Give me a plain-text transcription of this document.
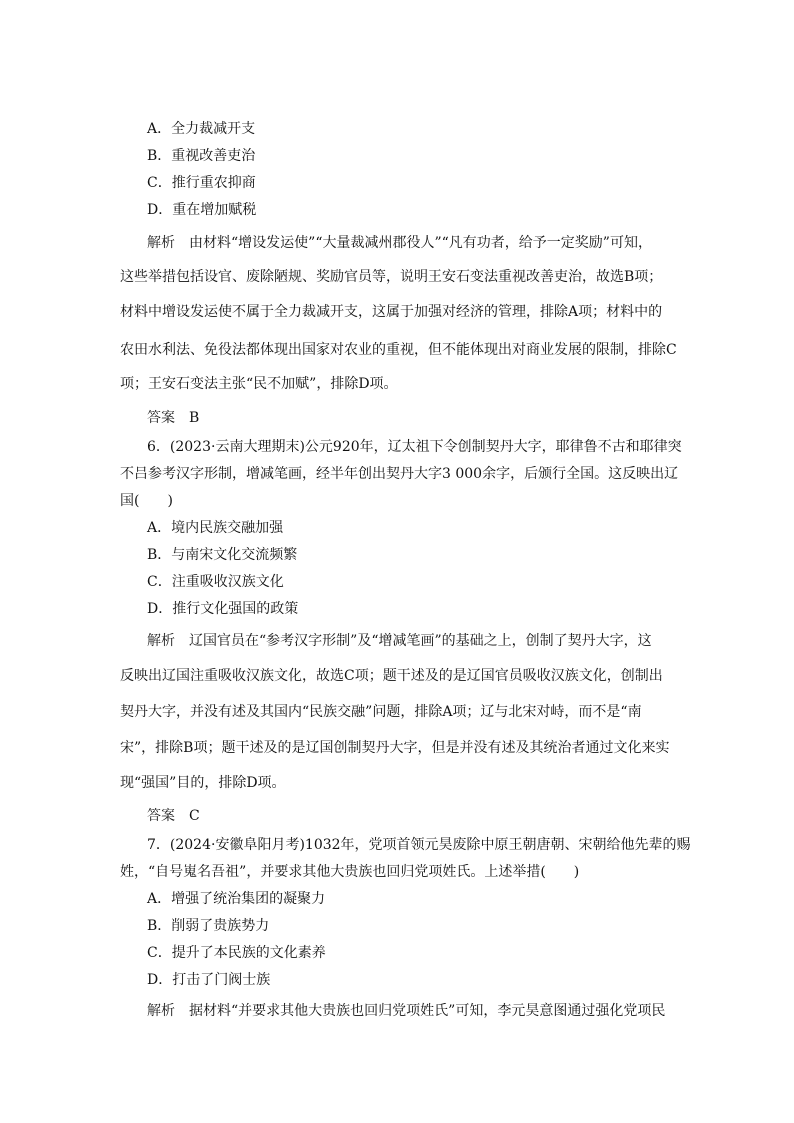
A．全力裁减开支
B．重视改善吏治
C．推行重农抑商
D．重在增加赋税
解析 由材料“增设发运使”“大量裁减州郡役人”“凡有功者，给予一定奖励”可知，
这些举措包括设官、废除陋规、奖励官员等，说明王安石变法重视改善吏治，故选B项；
材料中增设发运使不属于全力裁减开支，这属于加强对经济的管理，排除A项；材料中的
农田水利法、免役法都体现出国家对农业的重视，但不能体现出对商业发展的限制，排除C
项；王安石变法主张“民不加赋”，排除D项。
答案 B
6．(2023·云南大理期末)公元920年，辽太祖下令创制契丹大字，耶律鲁不古和耶律突
不吕参考汉字形制，增减笔画，经半年创出契丹大字3 000余字，后颁行全国。这反映出辽
国(　　)
A．境内民族交融加强
B．与南宋文化交流频繁
C．注重吸收汉族文化
D．推行文化强国的政策
解析 辽国官员在“参考汉字形制”及“增减笔画”的基础之上，创制了契丹大字，这
反映出辽国注重吸收汉族文化，故选C项；题干述及的是辽国官员吸收汉族文化，创制出
契丹大字，并没有述及其国内“民族交融”问题，排除A项；辽与北宋对峙，而不是“南
宋”，排除B项；题干述及的是辽国创制契丹大字，但是并没有述及其统治者通过文化来实
现“强国”目的，排除D项。
答案 C
7．(2024·安徽阜阳月考)1032年，党项首领元昊废除中原王朝唐朝、宋朝给他先辈的赐
姓，“自号嵬名吾祖”，并要求其他大贵族也回归党项姓氏。上述举措(　　)
A．增强了统治集团的凝聚力
B．削弱了贵族势力
C．提升了本民族的文化素养
D．打击了门阀士族
解析 据材料“并要求其他大贵族也回归党项姓氏”可知，李元昊意图通过强化党项民
